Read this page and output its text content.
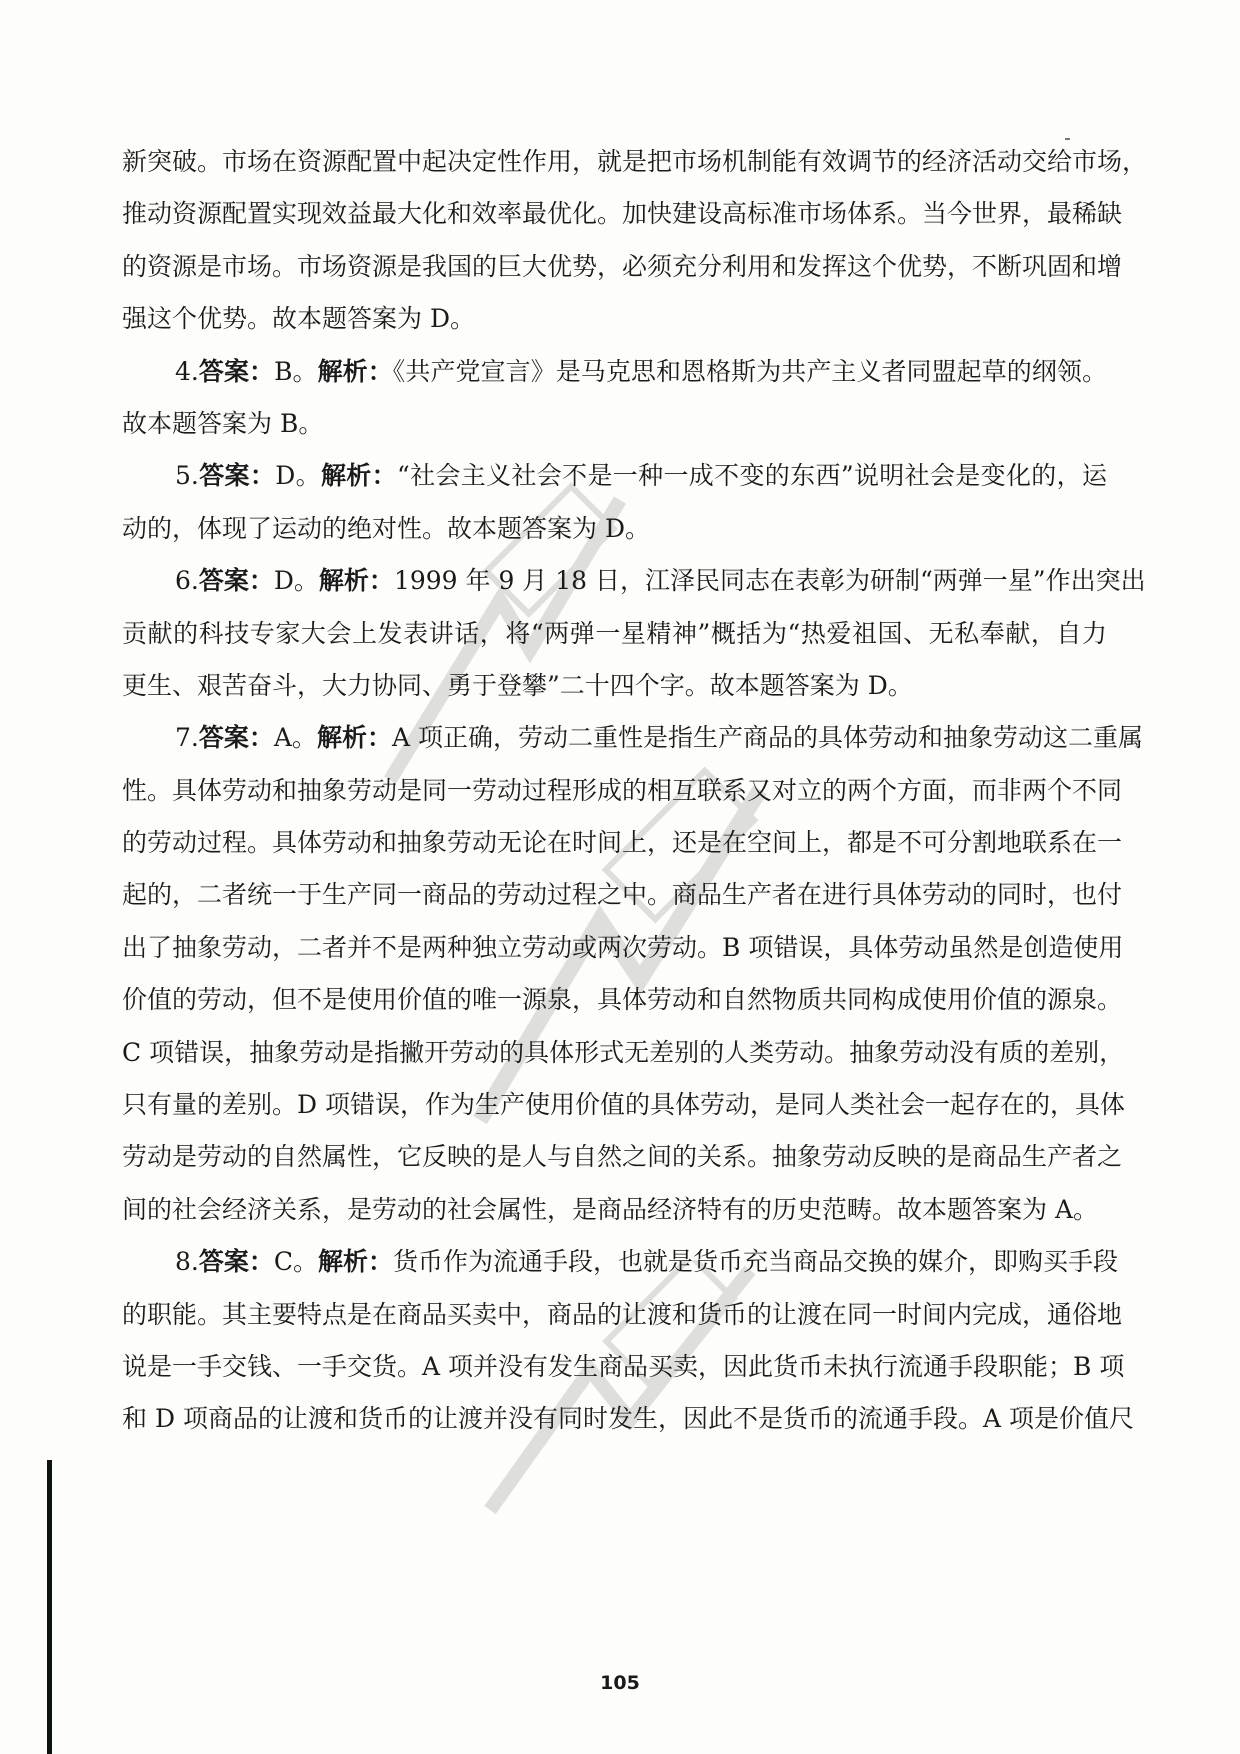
新突破。市场在资源配置中起决定性作用，就是把市场机制能有效调节的经济活动交给市场，
推动资源配置实现效益最大化和效率最优化。加快建设高标准市场体系。当今世界，最稀缺
的资源是市场。市场资源是我国的巨大优势，必须充分利用和发挥这个优势，不断巩固和增
强这个优势。故本题答案为 D。
4.答案：B。解析：《共产党宣言》是马克思和恩格斯为共产主义者同盟起草的纲领。
故本题答案为 B。
5.答案：D。解析：“社会主义社会不是一种一成不变的东西”说明社会是变化的，运
动的，体现了运动的绝对性。故本题答案为 D。
6.答案：D。解析：1999 年 9 月 18 日，江泽民同志在表彰为研制“两弹一星”作出突出
贡献的科技专家大会上发表讲话，将“两弹一星精神”概括为“热爱祖国、无私奉献，自力
更生、艰苦奋斗，大力协同、勇于登攀”二十四个字。故本题答案为 D。
7.答案：A。解析：A 项正确，劳动二重性是指生产商品的具体劳动和抽象劳动这二重属
性。具体劳动和抽象劳动是同一劳动过程形成的相互联系又对立的两个方面，而非两个不同
的劳动过程。具体劳动和抽象劳动无论在时间上，还是在空间上，都是不可分割地联系在一
起的，二者统一于生产同一商品的劳动过程之中。商品生产者在进行具体劳动的同时，也付
出了抽象劳动，二者并不是两种独立劳动或两次劳动。B 项错误，具体劳动虽然是创造使用
价值的劳动，但不是使用价值的唯一源泉，具体劳动和自然物质共同构成使用价值的源泉。
C 项错误，抽象劳动是指撇开劳动的具体形式无差别的人类劳动。抽象劳动没有质的差别，
只有量的差别。D 项错误，作为生产使用价值的具体劳动，是同人类社会一起存在的，具体
劳动是劳动的自然属性，它反映的是人与自然之间的关系。抽象劳动反映的是商品生产者之
间的社会经济关系，是劳动的社会属性，是商品经济特有的历史范畴。故本题答案为 A。
8.答案：C。解析：货币作为流通手段，也就是货币充当商品交换的媒介，即购买手段
的职能。其主要特点是在商品买卖中，商品的让渡和货币的让渡在同一时间内完成，通俗地
说是一手交钱、一手交货。A 项并没有发生商品买卖，因此货币未执行流通手段职能；B 项
和 D 项商品的让渡和货币的让渡并没有同时发生，因此不是货币的流通手段。A 项是价值尺
105
